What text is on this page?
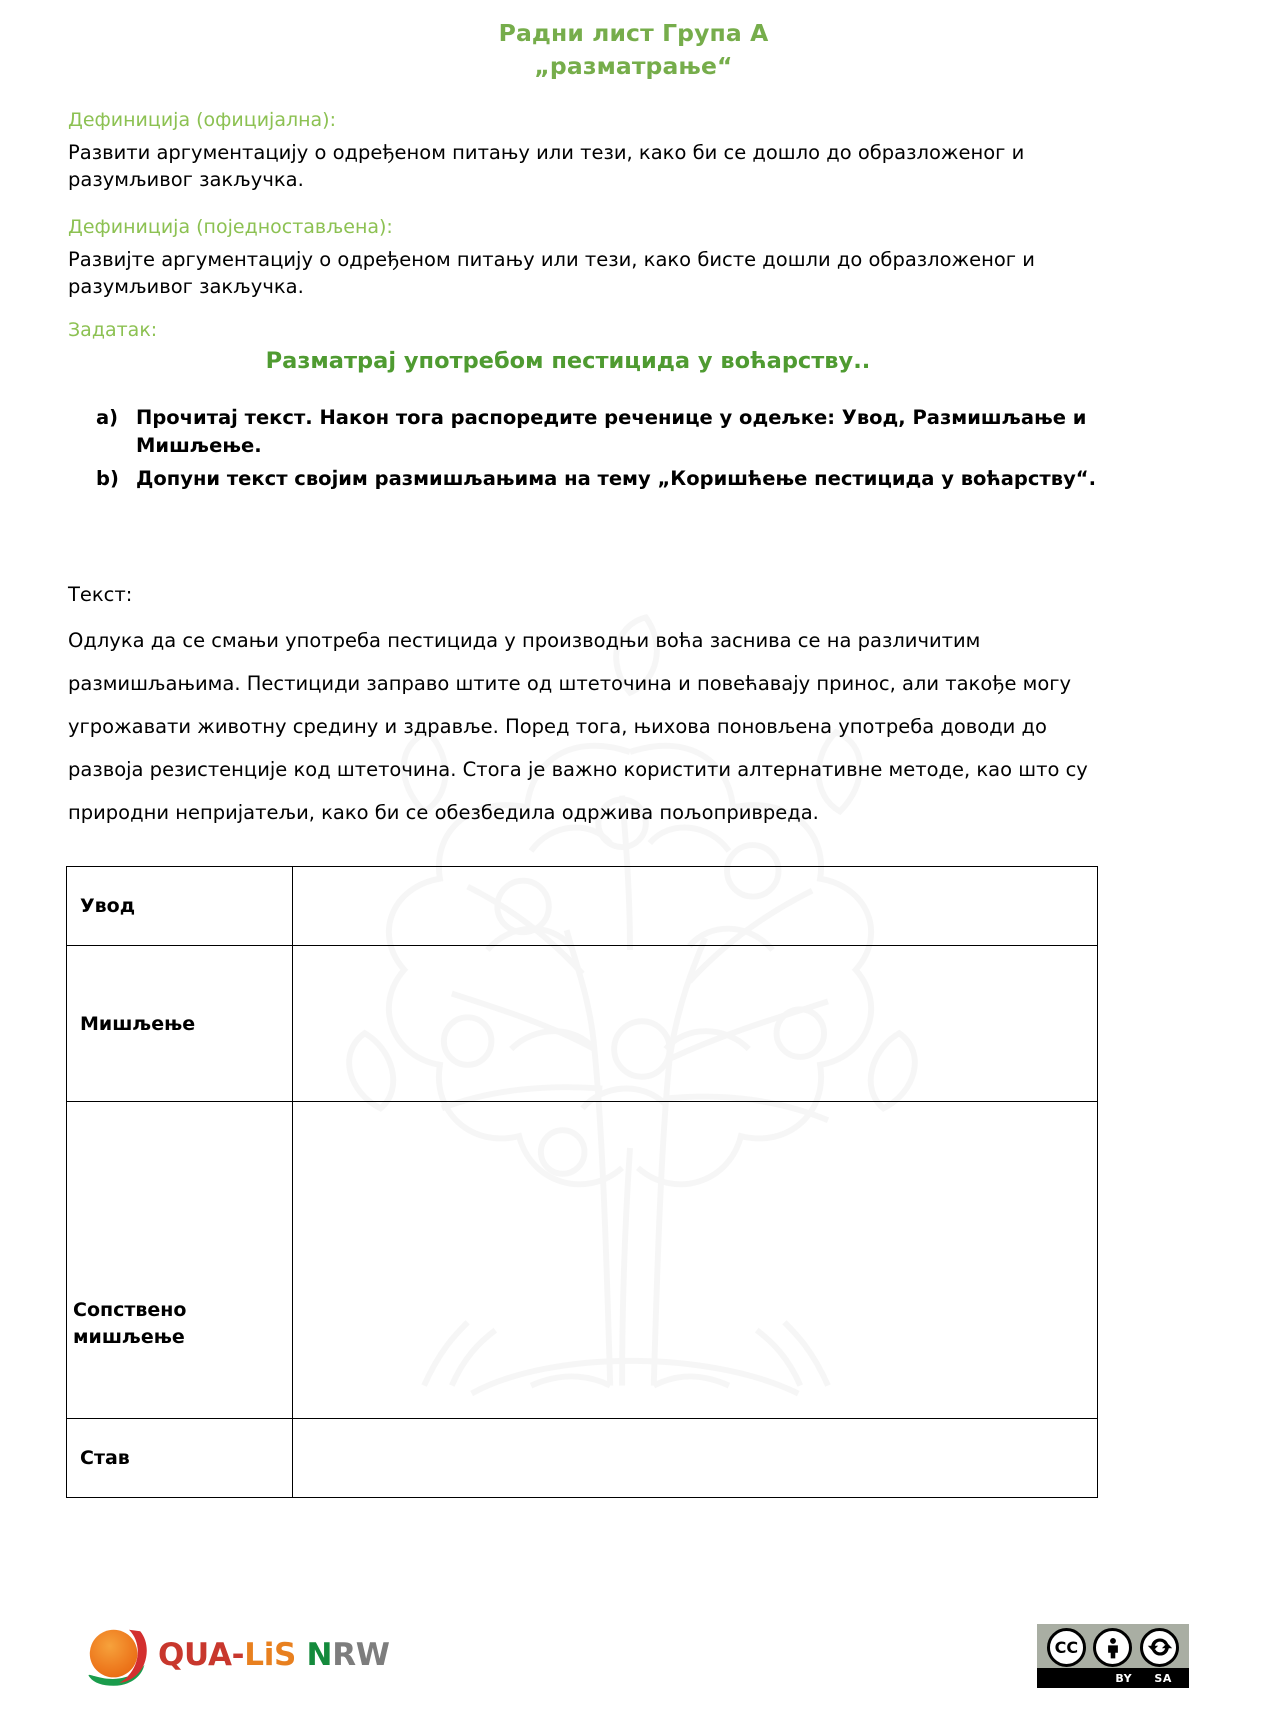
Радни лист Група А
„разматрање“
Дефиниција (официјална):
Развити аргументацију о одређеном питању или тези, како би се дошло до образложеног и разумљивог закључка.
Дефиниција (поједностављена):
Развијте аргументацију о одређеном питању или тези, како бисте дошли до образложеног и разумљивог закључка.
Задатак:
Разматрај употребом пестицида у воћарству..
a) Прочитај текст. Након тога распоредите реченице у одељке: Увод, Размишљање и Мишљење.
b) Допуни текст својим размишљањима на тему „Коришћење пестицида у воћарству“.
Текст:
Одлука да се смањи употреба пестицида у производњи воћа заснива се на различитим размишљањима. Пестициди заправо штите од штеточина и повећавају принос, али такође могу угрожавати животну средину и здравље. Поред тога, њихова поновљена употреба доводи до развоја резистенције код штеточина. Стога је важно користити алтернативне методе, као што су природни непријатељи, како би се обезбедила одржива пољопривреда.
Увод	
Мишљење	
Сопствено мишљење	
Став	
QUA-LiS NRW	CC
BY SA
